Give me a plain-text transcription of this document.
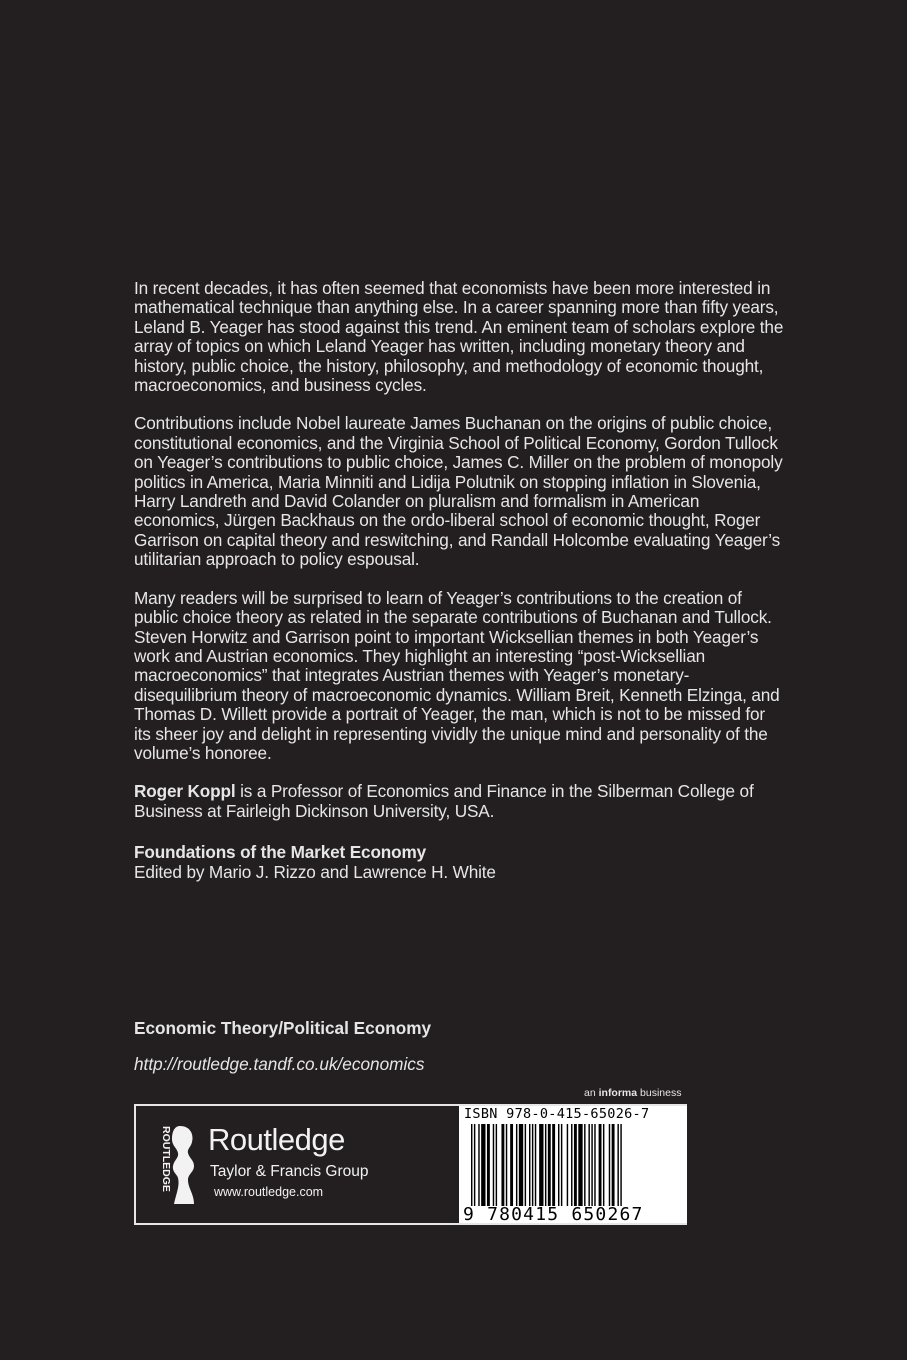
In recent decades, it has often seemed that economists have been more interested in mathematical technique than anything else. In a career spanning more than fifty years, Leland B. Yeager has stood against this trend. An eminent team of scholars explore the array of topics on which Leland Yeager has written, including monetary theory and history, public choice, the history, philosophy, and methodology of economic thought, macroeconomics, and business cycles.

Contributions include Nobel laureate James Buchanan on the origins of public choice, constitutional economics, and the Virginia School of Political Economy, Gordon Tullock on Yeager’s contributions to public choice, James C. Miller on the problem of monopoly politics in America, Maria Minniti and Lidija Polutnik on stopping inflation in Slovenia, Harry Landreth and David Colander on pluralism and formalism in American economics, Jürgen Backhaus on the ordo-liberal school of economic thought, Roger Garrison on capital theory and reswitching, and Randall Holcombe evaluating Yeager’s utilitarian approach to policy espousal.

Many readers will be surprised to learn of Yeager’s contributions to the creation of public choice theory as related in the separate contributions of Buchanan and Tullock. Steven Horwitz and Garrison point to important Wicksellian themes in both Yeager’s work and Austrian economics. They highlight an interesting “post-Wicksellian macroeconomics” that integrates Austrian themes with Yeager’s monetary-disequilibrium theory of macroeconomic dynamics. William Breit, Kenneth Elzinga, and Thomas D. Willett provide a portrait of Yeager, the man, which is not to be missed for its sheer joy and delight in representing vividly the unique mind and personality of the volume’s honoree.

Roger Koppl is a Professor of Economics and Finance in the Silberman College of Business at Fairleigh Dickinson University, USA.

Foundations of the Market Economy
Edited by Mario J. Rizzo and Lawrence H. White
Economic Theory/Political Economy
http://routledge.tandf.co.uk/economics
an informa business
ROUTLEDGE Routledge
Taylor & Francis Group
www.routledge.com
ISBN 978-0-415-65026-7
9 780415 650267
